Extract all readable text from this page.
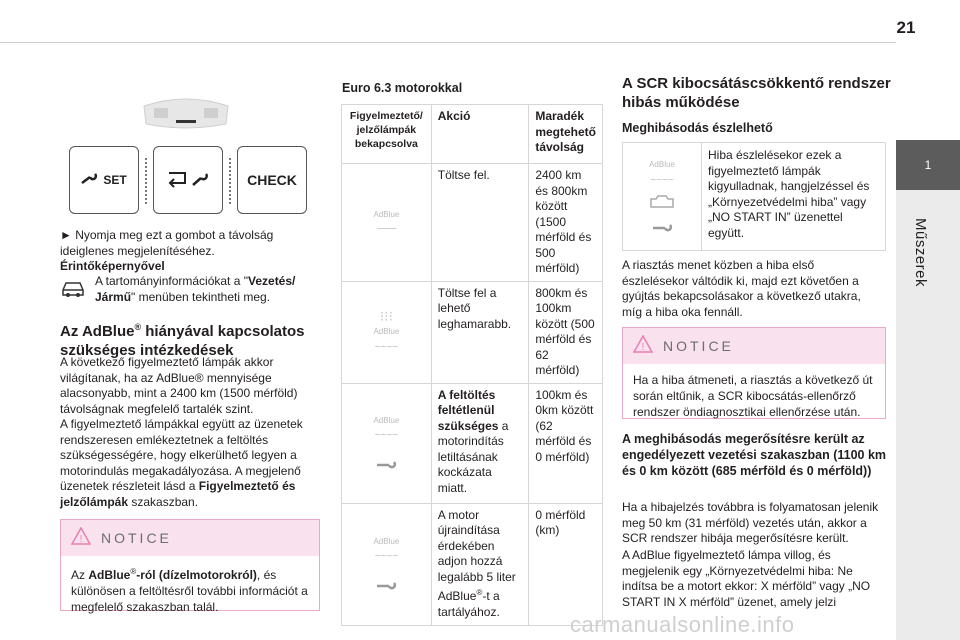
21
1
Műszerek
SET	CHECK
► Nyomja meg ezt a gombot a távolság ideiglenes megjelenítéséhez.
Érintőképernyővel
A tartományinformációkat a "Vezetés/ Jármű" menüben tekintheti meg.
Az AdBlue® hiányával kapcsolatos szükséges intézkedések
A következő figyelmeztető lámpák akkor világítanak, ha az AdBlue® mennyisége alacsonyabb, mint a 2400 km (1500 mérföld) távolságnak megfelelő tartalék szint.
A figyelmeztető lámpákkal együtt az üzenetek rendszeresen emlékeztetnek a feltöltés szükségességére, hogy elkerülhető legyen a motorindulás megakadályozása. A megjelenő üzenetek részleteit lásd a Figyelmeztető és jelzőlámpák szakaszban.
! NOTICE
Az AdBlue®-ról (dízelmotorokról), és különösen a feltöltésről további információt a megfelelő szakaszban talál.
Euro 6.3 motorokkal
Figyelmeztető/ jelzőlámpák bekapcsolva	Akció	Maradék megtehető távolság

AdBlue
~~~~	Töltse fel.	2400 km és 800km között (1500 mérföld és 500 mérföld)

⁝⁝⁝
AdBlue
~~~~	Töltse fel a lehető leghamarabb.	800km és 100km között (500 mérföld és 62 mérföld)

AdBlue
~~~~	A feltöltés feltétlenül szükséges a motorindítás letiltásának kockázata miatt.	100km és 0km között (62 mérföld és 0 mérföld)

AdBlue
~~~~	A motor újraindítása érdekében adjon hozzá legalább 5 liter AdBlue®-t a tartályához.	0 mérföld (km)
A SCR kibocsátáscsökkentő rendszer hibás működése
Meghibásodás észlelhető
AdBlue
~~~~
	Hiba észlelésekor ezek a figyelmeztető lámpák kigyulladnak, hangjelzéssel és „Környezetvédelmi hiba” vagy „NO START IN” üzenettel együtt.
A riasztás menet közben a hiba első észlelésekor váltódik ki, majd ezt követően a gyújtás bekapcsolásakor a következő utakra, míg a hiba oka fennáll.
! NOTICE
Ha a hiba átmeneti, a riasztás a következő út során eltűnik, a SCR kibocsátás-ellenőrző rendszer öndiagnosztikai ellenőrzése után.
A meghibásodás megerősítésre került az engedélyezett vezetési szakaszban (1100 km és 0 km között (685 mérföld és 0 mérföld))
Ha a hibajelzés továbbra is folyamatosan jelenik meg 50 km (31 mérföld) vezetés után, akkor a SCR rendszer hibája megerősítésre került.
A AdBlue figyelmeztető lámpa villog, és megjelenik egy „Környezetvédelmi hiba: Ne indítsa be a motort ekkor: X mérföld” vagy „NO START IN X mérföld” üzenet, amely jelzi
carmanualsonline.info
